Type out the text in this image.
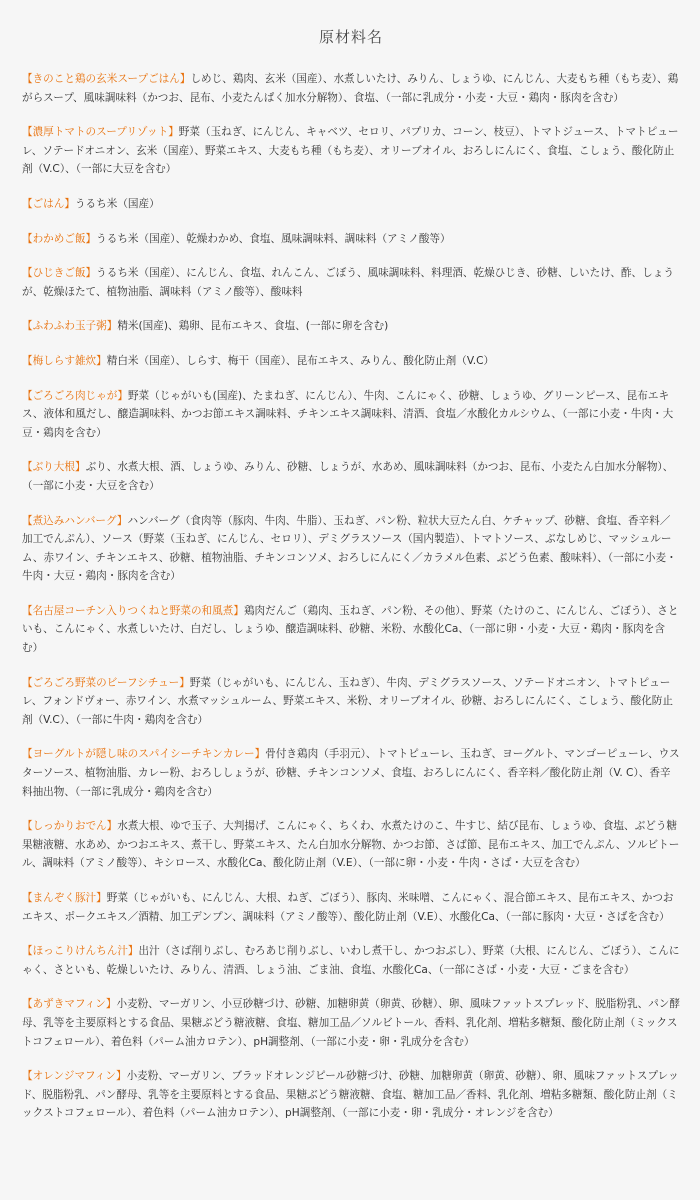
原材料名
【きのこと鶏の玄米スープごはん】しめじ、鶏肉、玄米（国産）、水煮しいたけ、みりん、しょうゆ、にんじん、大麦もち種（もち麦）、鶏がらスープ、風味調味料（かつお、昆布、小麦たんぱく加水分解物）、食塩、（一部に乳成分・小麦・大豆・鶏肉・豚肉を含む）
【濃厚トマトのスープリゾット】野菜（玉ねぎ、にんじん、キャベツ、セロリ、パプリカ、コーン、枝豆）、トマトジュース、トマトピューレ、ソテードオニオン、玄米（国産）、野菜エキス、大麦もち種（もち麦）、オリーブオイル、おろしにんにく、食塩、こしょう、酸化防止剤（V.C）、（一部に大豆を含む）
【ごはん】うるち米（国産）
【わかめご飯】うるち米（国産）、乾燥わかめ、食塩、風味調味料、調味料（アミノ酸等）
【ひじきご飯】うるち米（国産）、にんじん、食塩、れんこん、ごぼう、風味調味料、料理酒、乾燥ひじき、砂糖、しいたけ、酢、しょうが、乾燥ほたて、植物油脂、調味料（アミノ酸等）、酸味料
【ふわふわ玉子粥】精米(国産)、鶏卵、昆布エキス、食塩、(一部に卵を含む)
【梅しらす雑炊】精白米（国産）、しらす、梅干（国産）、昆布エキス、みりん、酸化防止剤（V.C）
【ごろごろ肉じゃが】野菜（じゃがいも(国産)、たまねぎ、にんじん）、牛肉、こんにゃく、砂糖、しょうゆ、グリーンピース、昆布エキス、液体和風だし、醸造調味料、かつお節エキス調味料、チキンエキス調味料、清酒、食塩／水酸化カルシウム、（一部に小麦・牛肉・大豆・鶏肉を含む）
【ぶり大根】ぶり、水煮大根、酒、しょうゆ、みりん、砂糖、しょうが、水あめ、風味調味料（かつお、昆布、小麦たん白加水分解物）、（一部に小麦・大豆を含む）
【煮込みハンバーグ】ハンバーグ（食肉等（豚肉、牛肉、牛脂）、玉ねぎ、パン粉、粒状大豆たん白、ケチャップ、砂糖、食塩、香辛料／加工でんぷん）、ソース（野菜（玉ねぎ、にんじん、セロリ）、デミグラスソース（国内製造）、トマトソース、ぶなしめじ、マッシュルーム、赤ワイン、チキンエキス、砂糖、植物油脂、チキンコンソメ、おろしにんにく／カラメル色素、ぶどう色素、酸味料）、（一部に小麦・牛肉・大豆・鶏肉・豚肉を含む）
【名古屋コーチン入りつくねと野菜の和風煮】鶏肉だんご（鶏肉、玉ねぎ、パン粉、その他）、野菜（たけのこ、にんじん、ごぼう）、さといも、こんにゃく、水煮しいたけ、白だし、しょうゆ、醸造調味料、砂糖、米粉、水酸化Ca、（一部に卵・小麦・大豆・鶏肉・豚肉を含む）
【ごろごろ野菜のビーフシチュー】野菜（じゃがいも、にんじん、玉ねぎ）、牛肉、デミグラスソース、ソテードオニオン、トマトピューレ、フォンドヴォー、赤ワイン、水煮マッシュルーム、野菜エキス、米粉、オリーブオイル、砂糖、おろしにんにく、こしょう、酸化防止剤（V.C）、（一部に牛肉・鶏肉を含む）
【ヨーグルトが隠し味のスパイシーチキンカレー】骨付き鶏肉（手羽元）、トマトピューレ、玉ねぎ、ヨーグルト、マンゴーピューレ、ウスターソース、植物油脂、カレー粉、おろししょうが、砂糖、チキンコンソメ、食塩、おろしにんにく、香辛料／酸化防止剤（V. C）、香辛料抽出物、（一部に乳成分・鶏肉を含む）
【しっかりおでん】水煮大根、ゆで玉子、大判揚げ、こんにゃく、ちくわ、水煮たけのこ、牛すじ、結び昆布、しょうゆ、食塩、ぶどう糖果糖液糖、水あめ、かつおエキス、煮干し、野菜エキス、たん白加水分解物、かつお節、さば節、昆布エキス、加工でんぷん、ソルビトール、調味料（アミノ酸等）、キシロース、水酸化Ca、酸化防止剤（V.E）、（一部に卵・小麦・牛肉・さば・大豆を含む）
【まんぞく豚汁】野菜（じゃがいも、にんじん、大根、ねぎ、ごぼう）、豚肉、米味噌、こんにゃく、混合節エキス、昆布エキス、かつおエキス、ポークエキス／酒精、加工デンプン、調味料（アミノ酸等）、酸化防止剤（V.E）、水酸化Ca、（一部に豚肉・大豆・さばを含む）
【ほっこりけんちん汁】出汁（さば削りぶし、むろあじ削りぶし、いわし煮干し、かつおぶし）、野菜（大根、にんじん、ごぼう）、こんにゃく、さといも、乾燥しいたけ、みりん、清酒、しょう油、ごま油、食塩、水酸化Ca、（一部にさば・小麦・大豆・ごまを含む）
【あずきマフィン】小麦粉、マーガリン、小豆砂糖づけ、砂糖、加糖卵黄（卵黄、砂糖）、卵、風味ファットスプレッド、脱脂粉乳、パン酵母、乳等を主要原料とする食品、果糖ぶどう糖液糖、食塩、糖加工品／ソルビトール、香料、乳化剤、増粘多糖類、酸化防止剤（ミックストコフェロール）、着色料（パーム油カロテン）、pH調整剤、（一部に小麦・卵・乳成分を含む）
【オレンジマフィン】小麦粉、マーガリン、ブラッドオレンジピール砂糖づけ、砂糖、加糖卵黄（卵黄、砂糖）、卵、風味ファットスプレッド、脱脂粉乳、パン酵母、乳等を主要原料とする食品、果糖ぶどう糖液糖、食塩、糖加工品／香料、乳化剤、増粘多糖類、酸化防止剤（ミックストコフェロール）、着色料（パーム油カロテン）、pH調整剤、（一部に小麦・卵・乳成分・オレンジを含む）
